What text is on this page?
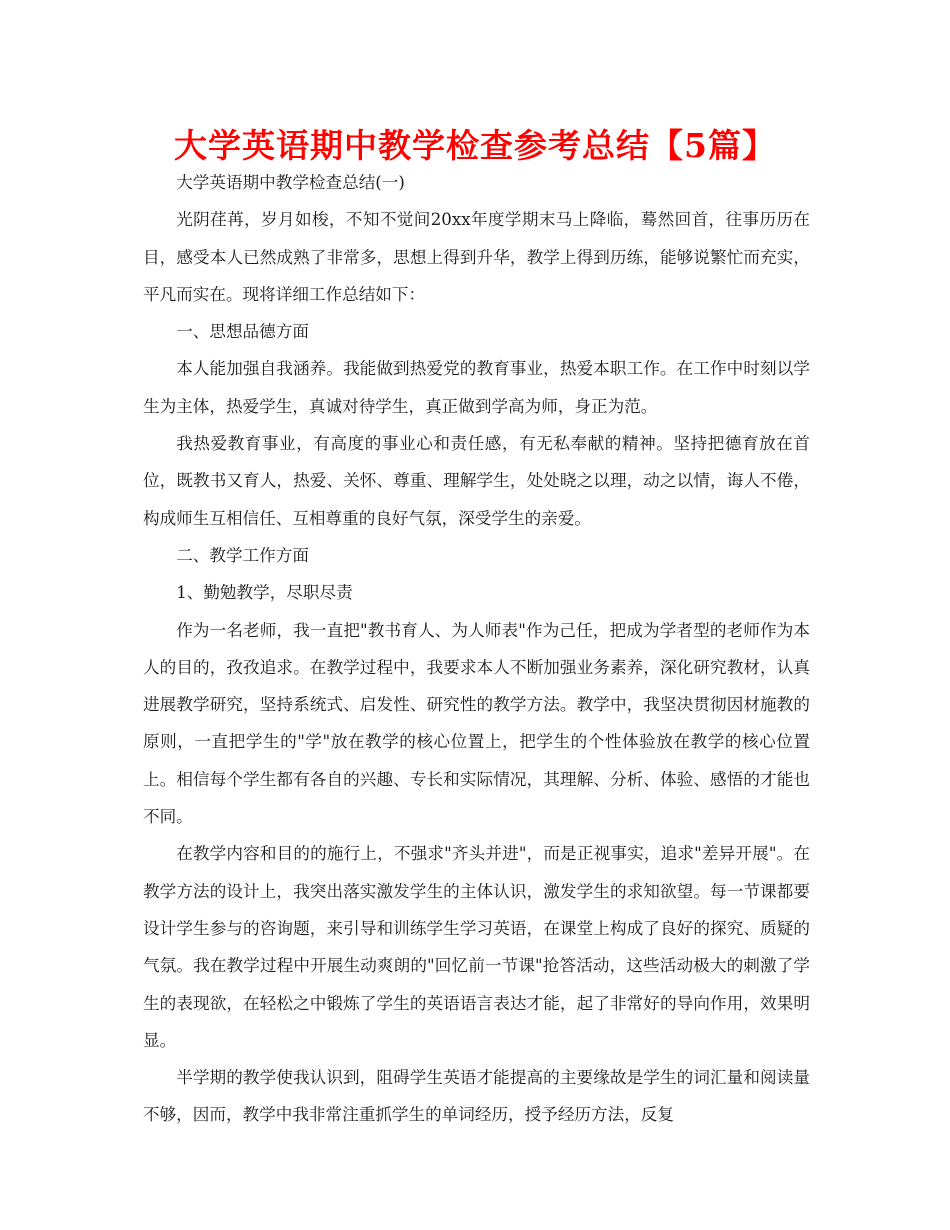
大学英语期中教学检查参考总结【5篇】

大学英语期中教学检查总结(一)

光阴荏苒，岁月如梭，不知不觉间20xx年度学期末马上降临，蓦然回首，往事历历在目，感受本人已然成熟了非常多，思想上得到升华，教学上得到历练，能够说繁忙而充实，平凡而实在。现将详细工作总结如下：

一、思想品德方面

本人能加强自我涵养。我能做到热爱党的教育事业，热爱本职工作。在工作中时刻以学生为主体，热爱学生，真诚对待学生，真正做到学高为师，身正为范。

我热爱教育事业，有高度的事业心和责任感，有无私奉献的精神。坚持把德育放在首位，既教书又育人，热爱、关怀、尊重、理解学生，处处晓之以理，动之以情，诲人不倦，构成师生互相信任、互相尊重的良好气氛，深受学生的亲爱。

二、教学工作方面

1、勤勉教学，尽职尽责

作为一名老师，我一直把"教书育人、为人师表"作为己任，把成为学者型的老师作为本人的目的，孜孜追求。在教学过程中，我要求本人不断加强业务素养，深化研究教材，认真进展教学研究，坚持系统式、启发性、研究性的教学方法。教学中，我坚决贯彻因材施教的原则，一直把学生的"学"放在教学的核心位置上，把学生的个性体验放在教学的核心位置上。相信每个学生都有各自的兴趣、专长和实际情况，其理解、分析、体验、感悟的才能也不同。

在教学内容和目的的施行上，不强求"齐头并进"，而是正视事实，追求"差异开展"。在教学方法的设计上，我突出落实激发学生的主体认识，激发学生的求知欲望。每一节课都要设计学生参与的咨询题，来引导和训练学生学习英语，在课堂上构成了良好的探究、质疑的气氛。我在教学过程中开展生动爽朗的"回忆前一节课"抢答活动，这些活动极大的刺激了学生的表现欲，在轻松之中锻炼了学生的英语语言表达才能，起了非常好的导向作用，效果明显。

半学期的教学使我认识到，阻碍学生英语才能提高的主要缘故是学生的词汇量和阅读量不够，因而，教学中我非常注重抓学生的单词经历，授予经历方法，反复
